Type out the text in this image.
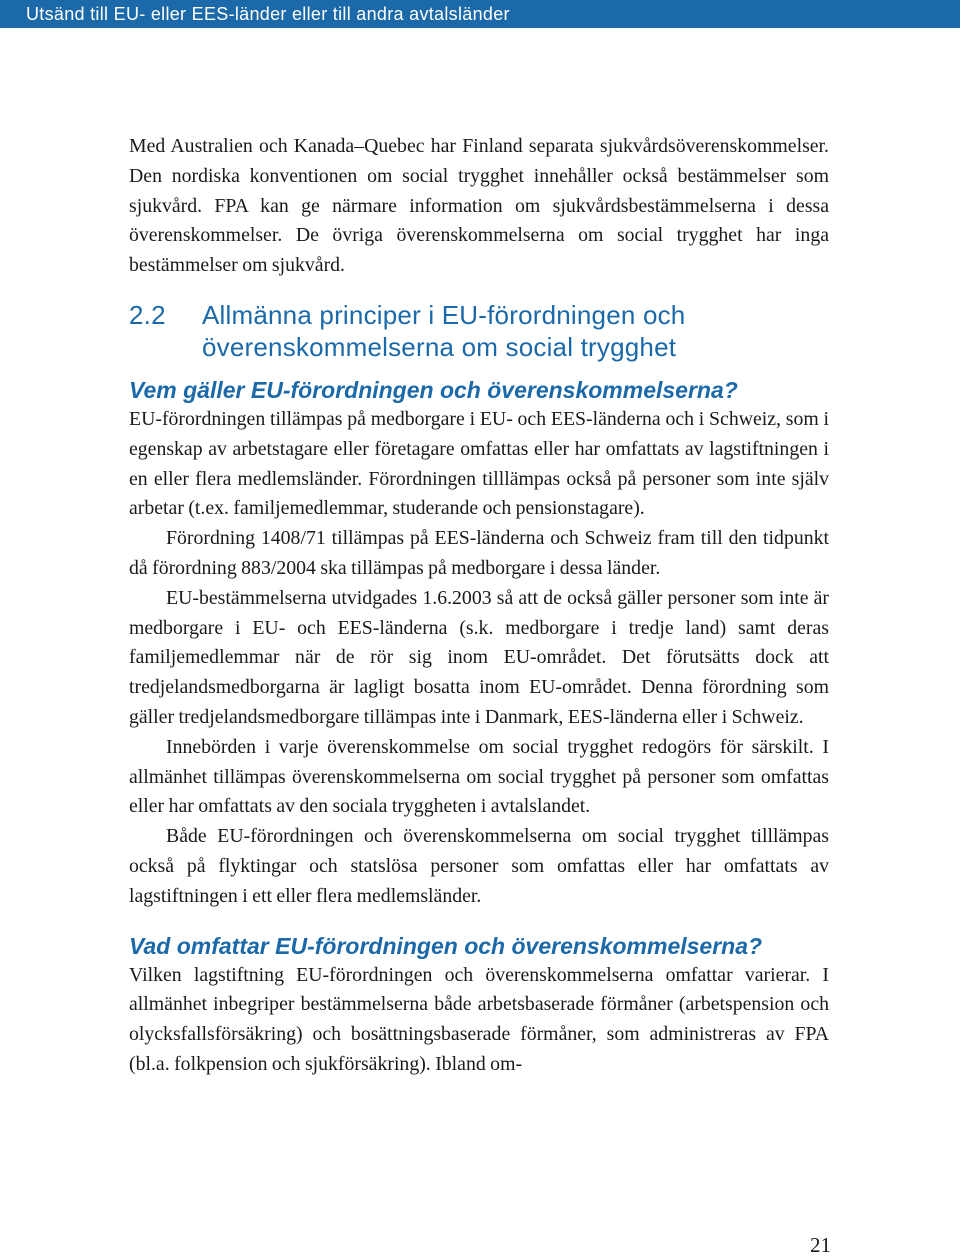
Utsänd till EU- eller EES-länder eller till andra avtalsländer

Med Australien och Kanada–Quebec har Finland separata sjukvårdsöverenskommelser. Den nordiska konventionen om social trygghet innehåller också bestämmelser som sjukvård. FPA kan ge närmare information om sjukvårdsbestämmelserna i dessa överenskommelser. De övriga överenskommelserna om social trygghet har inga bestämmelser om sjukvård.

2.2	Allmänna principer i EU-förordningen och överenskommelserna om social trygghet
Vem gäller EU-förordningen och överenskommelserna?

EU-förordningen tillämpas på medborgare i EU- och EES-länderna och i Schweiz, som i egenskap av arbetstagare eller företagare omfattas eller har omfattats av lagstiftningen i en eller flera medlemsländer. Förordningen tilllämpas också på personer som inte själv arbetar (t.ex. familjemedlemmar, studerande och pensionstagare).

Förordning 1408/71 tillämpas på EES-länderna och Schweiz fram till den tidpunkt då förordning 883/2004 ska tillämpas på medborgare i dessa länder.

EU-bestämmelserna utvidgades 1.6.2003 så att de också gäller personer som inte är medborgare i EU- och EES-länderna (s.k. medborgare i tredje land) samt deras familjemedlemmar när de rör sig inom EU-området. Det förutsätts dock att tredjelandsmedborgarna är lagligt bosatta inom EU-området. Denna förordning som gäller tredjelandsmedborgare tillämpas inte i Danmark, EES-länderna eller i Schweiz.

Innebörden i varje överenskommelse om social trygghet redogörs för särskilt. I allmänhet tillämpas överenskommelserna om social trygghet på personer som omfattas eller har omfattats av den sociala tryggheten i avtalslandet.

Både EU-förordningen och överenskommelserna om social trygghet tilllämpas också på flyktingar och statslösa personer som omfattas eller har omfattats av lagstiftningen i ett eller flera medlemsländer.

Vad omfattar EU-förordningen och överenskommelserna?

Vilken lagstiftning EU-förordningen och överenskommelserna omfattar varierar. I allmänhet inbegriper bestämmelserna både arbetsbaserade förmåner (arbetspension och olycksfallsförsäkring) och bosättningsbaserade förmåner, som administreras av FPA (bl.a. folkpension och sjukförsäkring). Ibland om-

21
